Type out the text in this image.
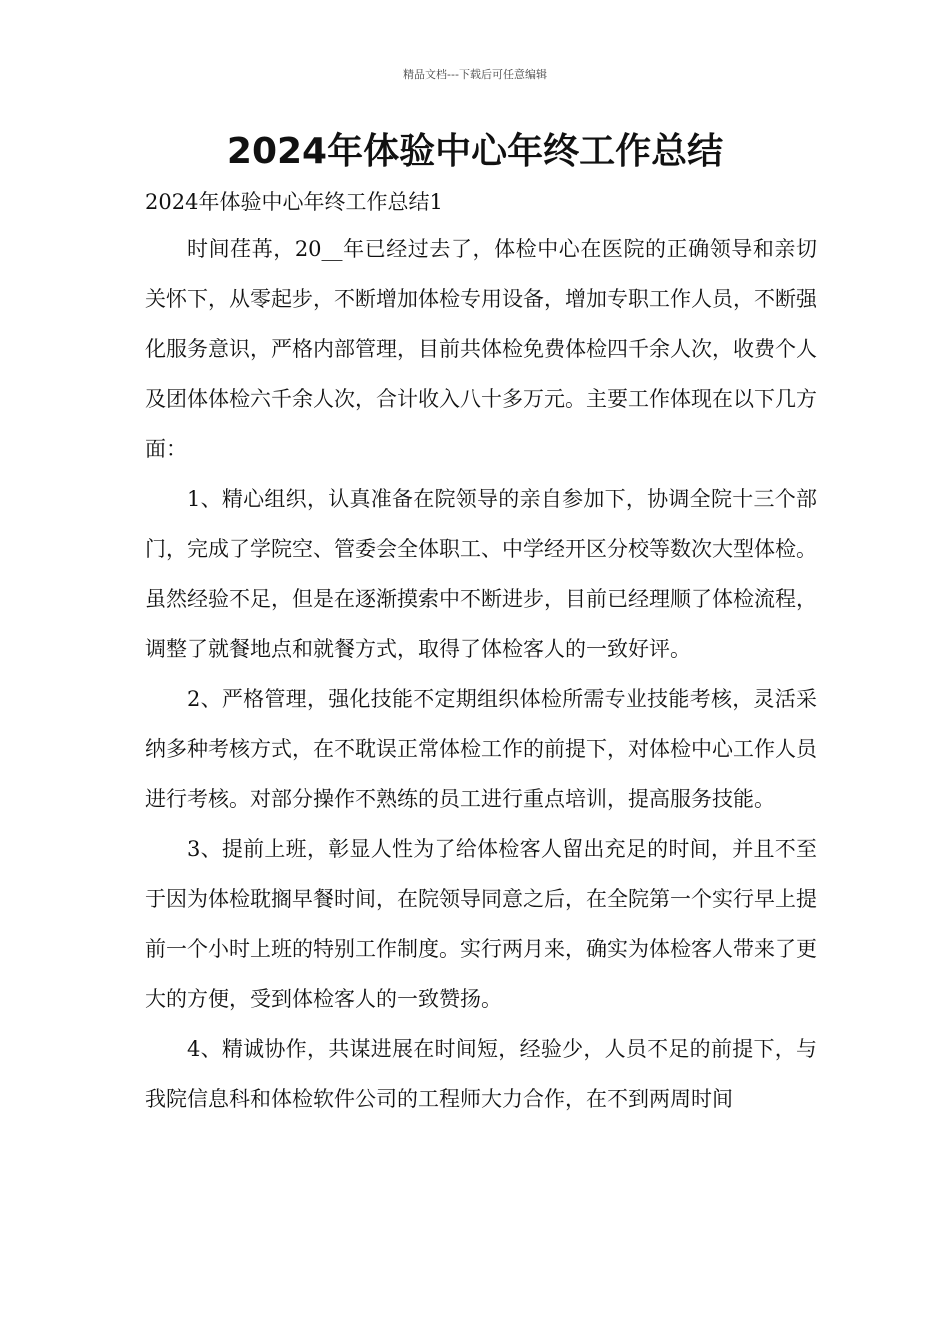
精品文档---下载后可任意编辑
2024年体验中心年终工作总结

2024年体验中心年终工作总结1

时间荏苒，20__年已经过去了，体检中心在医院的正确领导和亲切关怀下，从零起步，不断增加体检专用设备，增加专职工作人员，不断强化服务意识，严格内部管理，目前共体检免费体检四千余人次，收费个人及团体体检六千余人次，合计收入八十多万元。主要工作体现在以下几方面：

1、精心组织，认真准备在院领导的亲自参加下，协调全院十三个部门，完成了学院空、管委会全体职工、中学经开区分校等数次大型体检。虽然经验不足，但是在逐渐摸索中不断进步，目前已经理顺了体检流程，调整了就餐地点和就餐方式，取得了体检客人的一致好评。

2、严格管理，强化技能不定期组织体检所需专业技能考核，灵活采纳多种考核方式，在不耽误正常体检工作的前提下，对体检中心工作人员进行考核。对部分操作不熟练的员工进行重点培训，提高服务技能。

3、提前上班，彰显人性为了给体检客人留出充足的时间，并且不至于因为体检耽搁早餐时间，在院领导同意之后，在全院第一个实行早上提前一个小时上班的特别工作制度。实行两月来，确实为体检客人带来了更大的方便，受到体检客人的一致赞扬。

4、精诚协作，共谋进展在时间短，经验少，人员不足的前提下，与我院信息科和体检软件公司的工程师大力合作，在不到两周时间
